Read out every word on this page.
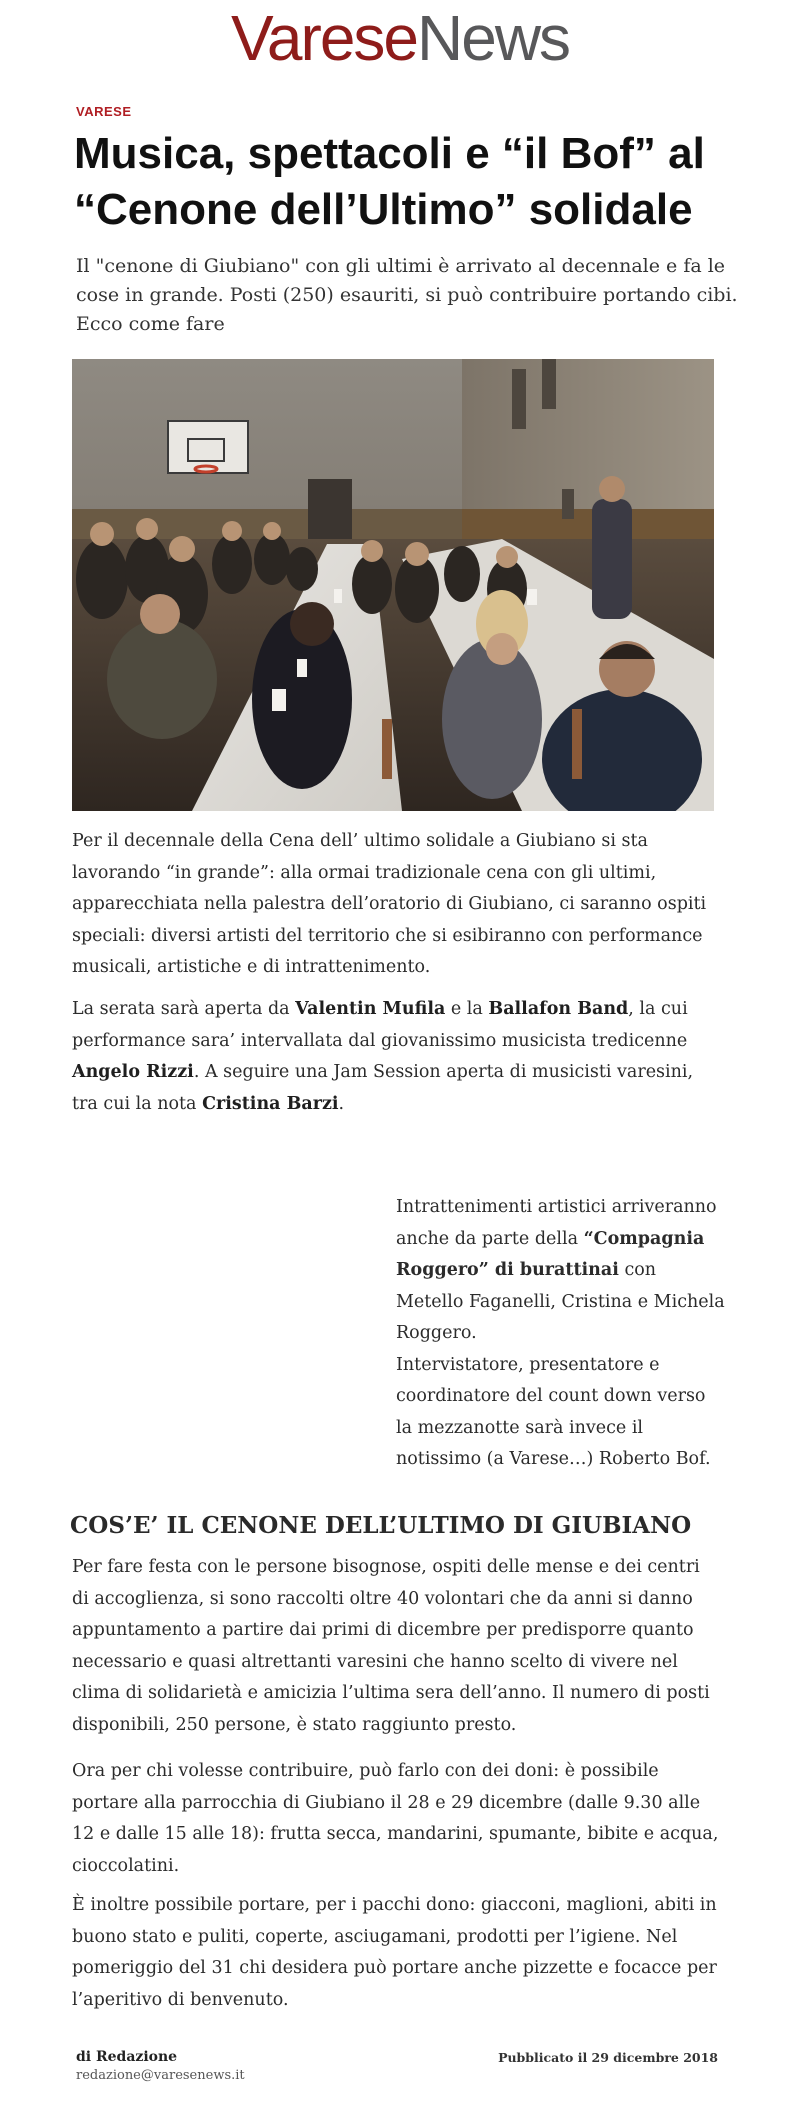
VareseNews
VARESE
Musica, spettacoli e “il Bof” al “Cenone dell’Ultimo” solidale

Il "cenone di Giubiano" con gli ultimi è arrivato al decennale e fa le cose in grande. Posti (250) esauriti, si può contribuire portando cibi. Ecco come fare

Per il decennale della Cena dell’ ultimo solidale a Giubiano si sta lavorando “in grande”: alla ormai tradizionale cena con gli ultimi, apparecchiata nella palestra dell’oratorio di Giubiano, ci saranno ospiti speciali: diversi artisti del territorio che si esibiranno con performance musicali, artistiche e di intrattenimento.

La serata sarà aperta da Valentin Mufila e la Ballafon Band, la cui performance sara’ intervallata dal giovanissimo musicista tredicenne Angelo Rizzi. A seguire una Jam Session aperta di musicisti varesini, tra cui la nota Cristina Barzi.

Intrattenimenti artistici arriveranno anche da parte della “Compagnia Roggero” di burattinai con Metello Faganelli, Cristina e Michela Roggero.
Intervistatore, presentatore e coordinatore del count down verso la mezzanotte sarà invece il notissimo (a Varese…) Roberto Bof.
COS’E’ IL CENONE DELL’ULTIMO DI GIUBIANO

Per fare festa con le persone bisognose, ospiti delle mense e dei centri di accoglienza, si sono raccolti oltre 40 volontari che da anni si danno appuntamento a partire dai primi di dicembre per predisporre quanto necessario e quasi altrettanti varesini che hanno scelto di vivere nel clima di solidarietà e amicizia l’ultima sera dell’anno. Il numero di posti disponibili, 250 persone, è stato raggiunto presto.

Ora per chi volesse contribuire, può farlo con dei doni: è possibile portare alla parrocchia di Giubiano il 28 e 29 dicembre (dalle 9.30 alle 12 e dalle 15 alle 18): frutta secca, mandarini, spumante, bibite e acqua, cioccolatini.

È inoltre possibile portare, per i pacchi dono: giacconi, maglioni, abiti in buono stato e puliti, coperte, asciugamani, prodotti per l’igiene. Nel pomeriggio del 31 chi desidera può portare anche pizzette e focacce per l’aperitivo di benvenuto.

di Redazione
redazione@varesenews.it
Pubblicato il 29 dicembre 2018
